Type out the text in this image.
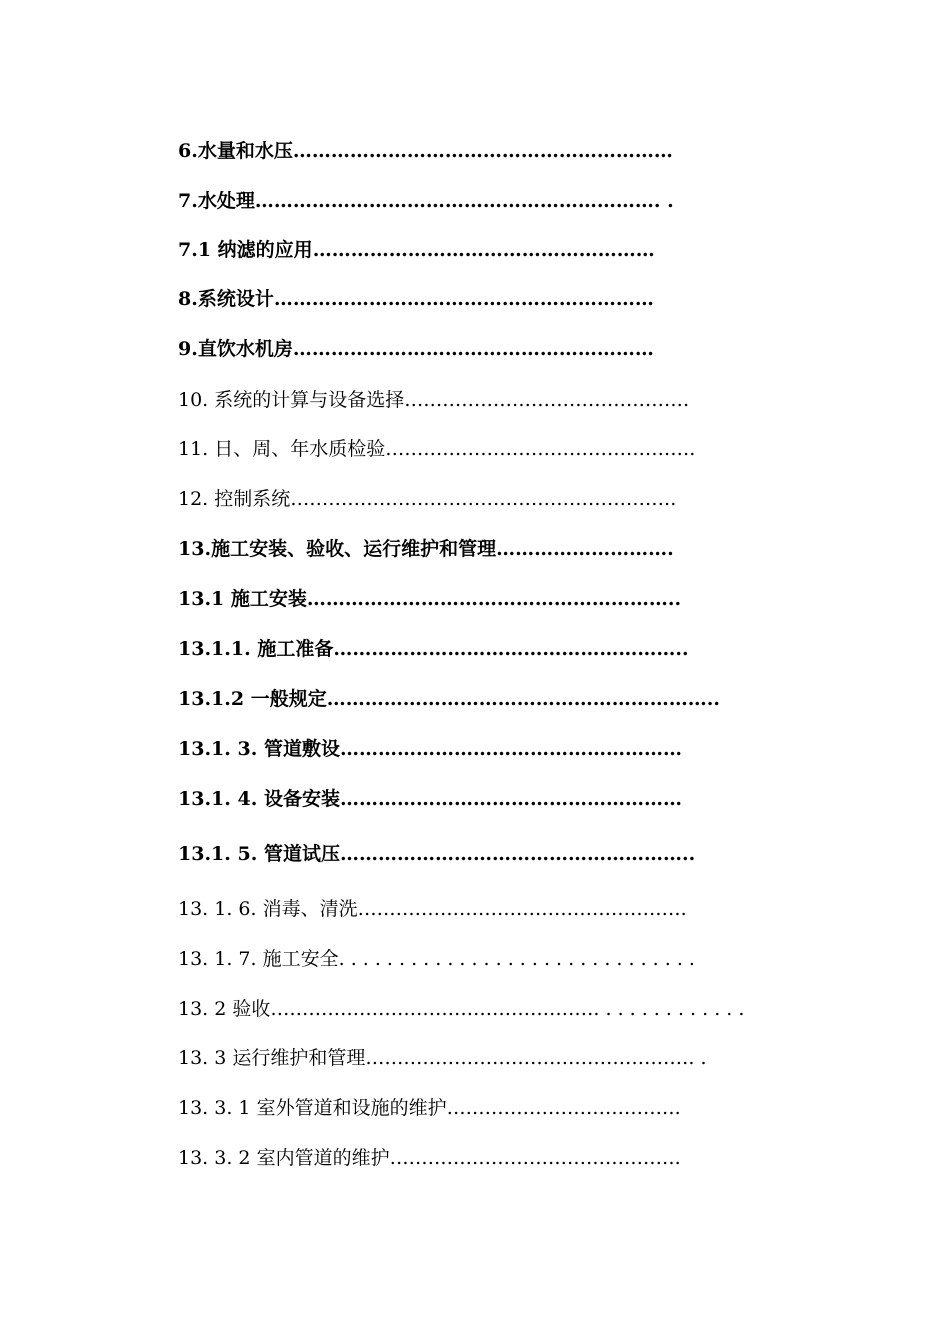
6.水量和水压……………………………………………………
7.水处理………………………………………………………. .
7.1 纳滤的应用………………………………………………
8.系统设计……………………………………………………
9.直饮水机房…………………………………………………
10. 系统的计算与设备选择………………………………………
11. 日、周、年水质检验………………………………………….
12. 控制系统…………………………………………………….
13.施工安装、验收、运行维护和管理……………………….
13.1 施工安装…………………………………………………..
13.1.1. 施工准备………………………………………………..
13.1.2 一般规定……………………………………………………..
13.1. 3. 管道敷设………………………………………………
13.1. 4. 设备安装………………………………………………
13.1. 5. 管道试压………………………………………………..
13. 1. 6. 消毒、清洗…………………………………………….
13. 1. 7. 施工安全. . . . . . . . . . . . . . . . . . . . . . . . . . . . . .
13. 2 验收……………………………………………. . . . . . . . . . . . .
13. 3 运行维护和管理……………………………………………. .
13. 3. 1 室外管道和设施的维护……………………………….
13. 3. 2 室内管道的维护……………………………………….
